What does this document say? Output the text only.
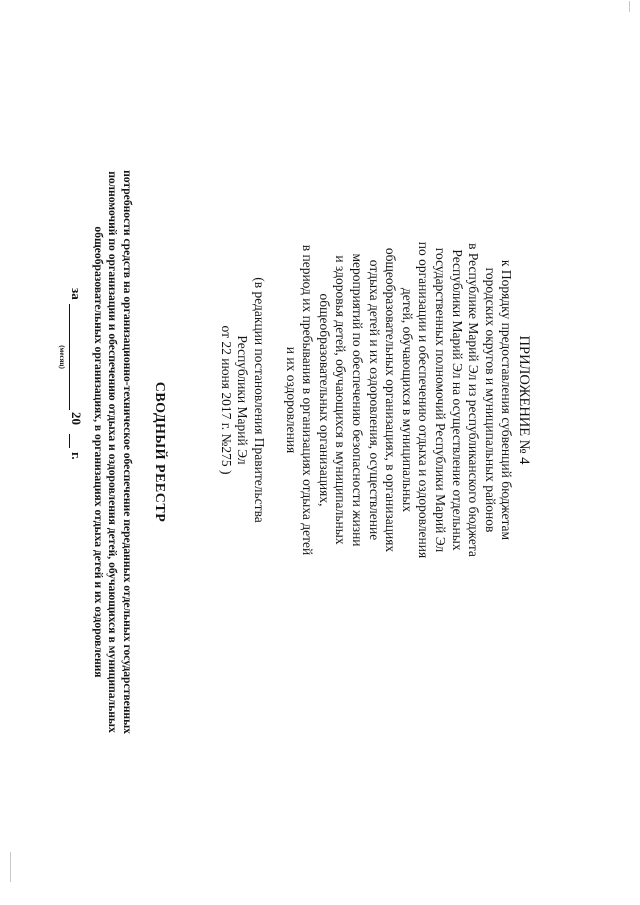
ПРИЛОЖЕНИЕ № 4
к Порядку предоставления субвенций бюджетам
городских округов и муниципальных районов
в Республике Марий Эл из республиканского бюджета
Республики Марий Эл на осуществление отдельных
государственных полномочий Республики Марий Эл
по организации и обеспечению отдыха и оздоровления
детей, обучающихся в муниципальных
общеобразовательных организациях, в организациях
отдыха детей и их оздоровления, осуществление
мероприятий по обеспечению безопасности жизни
и здоровья детей, обучающихся в муниципальных
общеобразовательных организациях,
в период их пребывания в организациях отдыха детей
и их оздоровления
(в редакции постановления Правительства
Республики Марий Эл
от 22 июня 2017 г. №275 )
СВОДНЫЙ РЕЕСТР
потребности средств на организационно-техническое обеспечение переданных отдельных государственных
полномочий по организации и обеспечению отдыха и оздоровления детей, обучающихся в муниципальных
общеобразовательных организациях, в организациях отдыха детей и их оздоровления
за
(месяц)
20
г.
